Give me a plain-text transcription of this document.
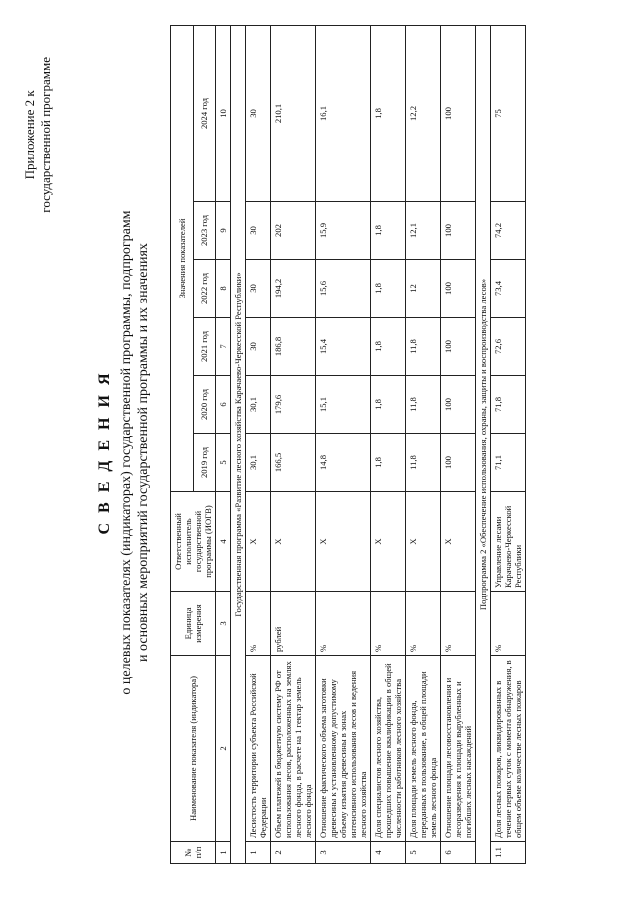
Приложение 2 к государственной программе
С В Е Д Е Н И Я о целевых показателях (индикаторах) государственной программы, подпрограмм и основных мероприятий государственной программы и их значениях
№ п/п	Наименование показателя (индикатора)	Единица измерения	Ответственный исполнитель государственной программы (ИОГВ)	Значения показателей					
				2019 год	2020 год	2021 год	2022 год	2023 год	2024 год
1	2	3	4	5	6	7	8	9	10
Государственная программа «Развитие лесного хозяйства Карачаево-Черкесской Республики»									
1	Лесистость территории субъекта Российской Федерации	%	Х	30,1	30,1	30	30	30	30
2	Объем платежей в бюджетную систему РФ от использования лесов, расположенных на землях лесного фонда, в расчете на 1 гектар земель лесного фонда	рублей	Х	166,5	179,6	186,8	194,2	202	210,1
3	Отношение фактического объема заготовки древесины к установленному допустимому объему изъятия древесины в зонах интенсивного использования лесов и ведения лесного хозяйства	%	Х	14,8	15,1	15,4	15,6	15,9	16,1
4	Доля специалистов лесного хозяйства, прошедших повышение квалификации в общей численности работников лесного хозяйства	%	Х	1,8	1,8	1,8	1,8	1,8	1,8
5	Доля площади земель лесного фонда, переданных в пользование, в общей площади земель лесного фонда	%	Х	11,8	11,8	11,8	12	12,1	12,2
6	Отношение площади лесовосстановления и лесоразведения к площади вырубленных и погибших лесных насаждений	%	Х	100	100	100	100	100	100
Подпрограмма 2 «Обеспечение использования, охраны, защиты и воспроизводства лесов»									
1.1	Доля лесных пожаров, ликвидированных в течение первых суток с момента обнаружения, в общем объеме количестве лесных пожаров	%	Управление лесами Карачаево-Черкесской Республики	71,1	71,8	72,6	73,4	74,2	75
